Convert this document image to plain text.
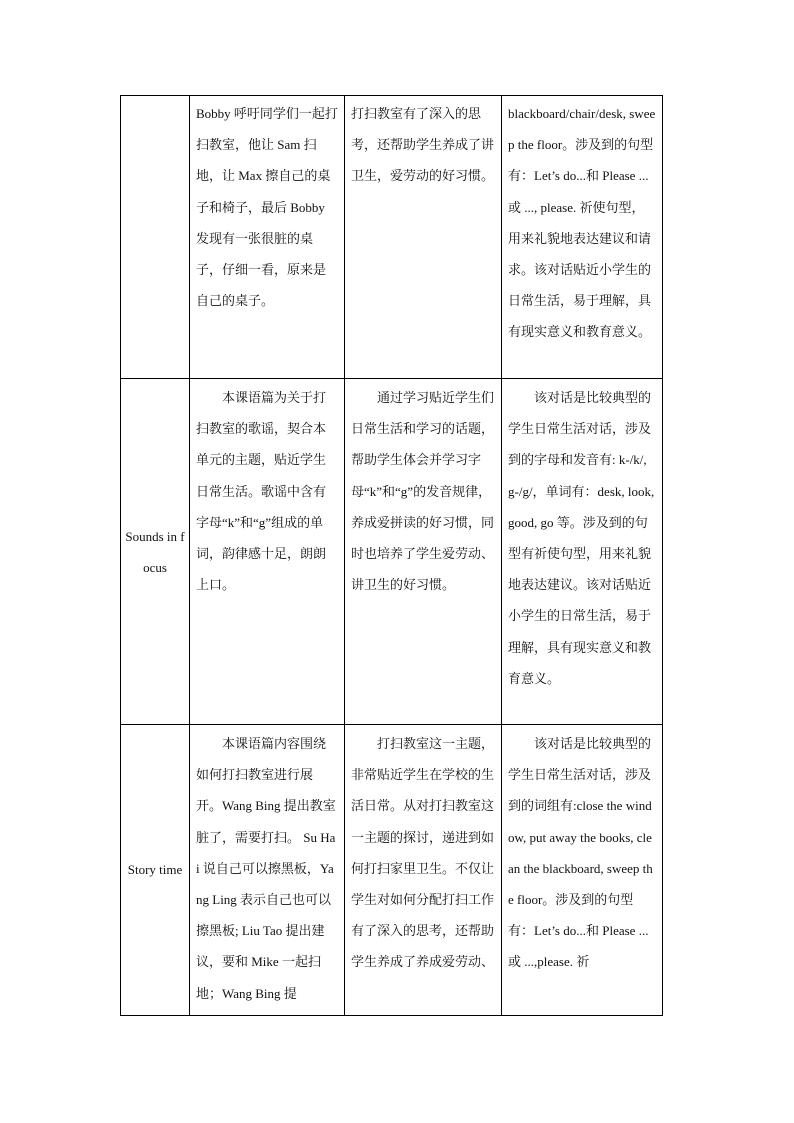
	Bobby 呼吁同学们一起打扫教室，他让 Sam 扫地，让 Max 擦自己的桌子和椅子，最后 Bobby 发现有一张很脏的桌子，仔细一看，原来是自己的桌子。	打扫教室有了深入的思考，还帮助学生养成了讲卫生，爱劳动的好习惯。	blackboard/chair/desk, sweep the floor。涉及到的句型有：Let’s do...和 Please ...或 ..., please. 祈使句型，用来礼貌地表达建议和请求。该对话贴近小学生的日常生活，易于理解，具有现实意义和教育意义。

Sounds in focus	本课语篇为关于打扫教室的歌谣，契合本单元的主题，贴近学生日常生活。歌谣中含有字母“k”和“g”组成的单词，韵律感十足，朗朗上口。	通过学习贴近学生们日常生活和学习的话题，帮助学生体会并学习字母“k”和“g”的发音规律，养成爱拼读的好习惯，同时也培养了学生爱劳动、讲卫生的好习惯。	该对话是比较典型的学生日常生活对话，涉及到的字母和发音有: k-/k/, g-/g/，单词有：desk, look, good, go 等。涉及到的句型有祈使句型，用来礼貌地表达建议。该对话贴近小学生的日常生活，易于理解，具有现实意义和教育意义。

Story time	本课语篇内容围绕如何打扫教室进行展开。Wang Bing 提出教室脏了，需要打扫。 Su Hai 说自己可以擦黑板，Yang Ling 表示自己也可以擦黑板; Liu Tao 提出建议，要和 Mike 一起扫地；Wang Bing 提	打扫教室这一主题，非常贴近学生在学校的生活日常。从对打扫教室这一主题的探讨，递进到如何打扫家里卫生。不仅让学生对如何分配打扫工作有了深入的思考，还帮助学生养成了养成爱劳动、	该对话是比较典型的学生日常生活对话，涉及到的词组有:close the window, put away the books, clean the blackboard, sweep the floor。涉及到的句型有：Let’s do...和 Please ...或 ...,please. 祈
